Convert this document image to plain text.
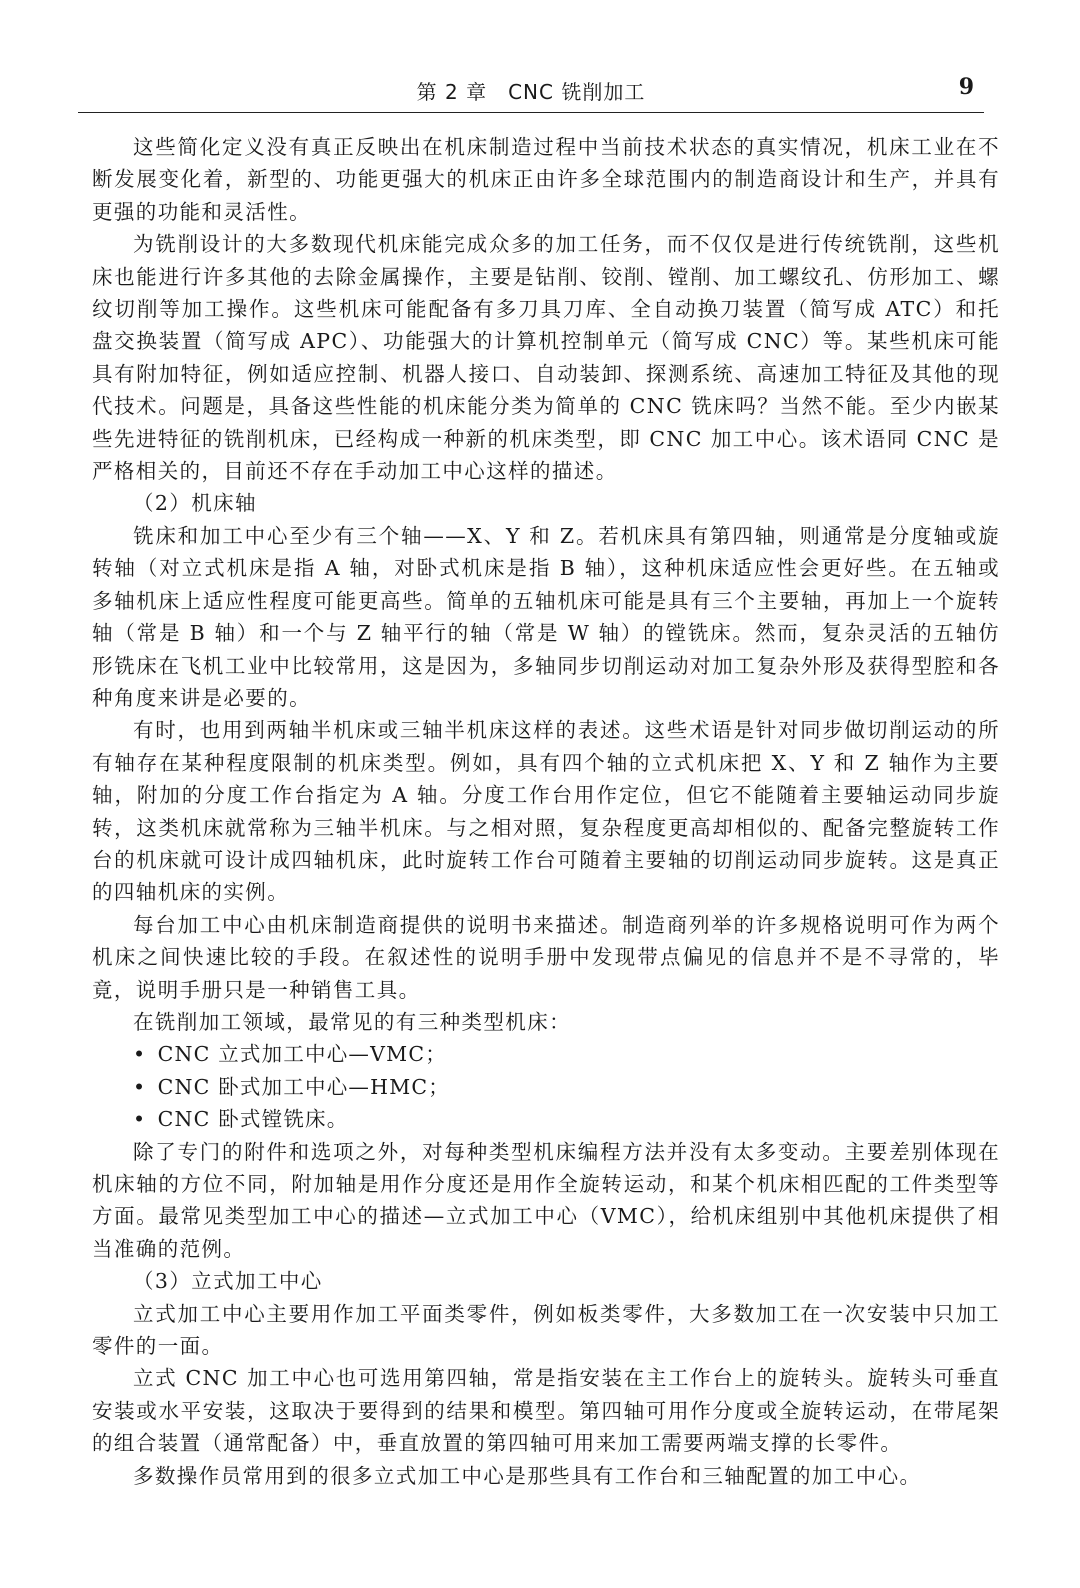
第 2 章　CNC 铣削加工	9

这些简化定义没有真正反映出在机床制造过程中当前技术状态的真实情况，机床工业在不断发展变化着，新型的、功能更强大的机床正由许多全球范围内的制造商设计和生产，并具有更强的功能和灵活性。

为铣削设计的大多数现代机床能完成众多的加工任务，而不仅仅是进行传统铣削，这些机床也能进行许多其他的去除金属操作，主要是钻削、铰削、镗削、加工螺纹孔、仿形加工、螺纹切削等加工操作。这些机床可能配备有多刀具刀库、全自动换刀装置（简写成 ATC）和托盘交换装置（简写成 APC）、功能强大的计算机控制单元（简写成 CNC）等。某些机床可能具有附加特征，例如适应控制、机器人接口、自动装卸、探测系统、高速加工特征及其他的现代技术。问题是，具备这些性能的机床能分类为简单的 CNC 铣床吗？当然不能。至少内嵌某些先进特征的铣削机床，已经构成一种新的机床类型，即 CNC 加工中心。该术语同 CNC 是严格相关的，目前还不存在手动加工中心这样的描述。

（2）机床轴

铣床和加工中心至少有三个轴——X、Y 和 Z。若机床具有第四轴，则通常是分度轴或旋转轴（对立式机床是指 A 轴，对卧式机床是指 B 轴），这种机床适应性会更好些。在五轴或多轴机床上适应性程度可能更高些。简单的五轴机床可能是具有三个主要轴，再加上一个旋转轴（常是 B 轴）和一个与 Z 轴平行的轴（常是 W 轴）的镗铣床。然而，复杂灵活的五轴仿形铣床在飞机工业中比较常用，这是因为，多轴同步切削运动对加工复杂外形及获得型腔和各种角度来讲是必要的。

有时，也用到两轴半机床或三轴半机床这样的表述。这些术语是针对同步做切削运动的所有轴存在某种程度限制的机床类型。例如，具有四个轴的立式机床把 X、Y 和 Z 轴作为主要轴，附加的分度工作台指定为 A 轴。分度工作台用作定位，但它不能随着主要轴运动同步旋转，这类机床就常称为三轴半机床。与之相对照，复杂程度更高却相似的、配备完整旋转工作台的机床就可设计成四轴机床，此时旋转工作台可随着主要轴的切削运动同步旋转。这是真正的四轴机床的实例。

每台加工中心由机床制造商提供的说明书来描述。制造商列举的许多规格说明可作为两个机床之间快速比较的手段。在叙述性的说明手册中发现带点偏见的信息并不是不寻常的，毕竟，说明手册只是一种销售工具。

在铣削加工领域，最常见的有三种类型机床：

• CNC 立式加工中心—VMC；

• CNC 卧式加工中心—HMC；

• CNC 卧式镗铣床。

除了专门的附件和选项之外，对每种类型机床编程方法并没有太多变动。主要差别体现在机床轴的方位不同，附加轴是用作分度还是用作全旋转运动，和某个机床相匹配的工件类型等方面。最常见类型加工中心的描述—立式加工中心（VMC），给机床组别中其他机床提供了相当准确的范例。

（3）立式加工中心

立式加工中心主要用作加工平面类零件，例如板类零件，大多数加工在一次安装中只加工零件的一面。

立式 CNC 加工中心也可选用第四轴，常是指安装在主工作台上的旋转头。旋转头可垂直安装或水平安装，这取决于要得到的结果和模型。第四轴可用作分度或全旋转运动，在带尾架的组合装置（通常配备）中，垂直放置的第四轴可用来加工需要两端支撑的长零件。

多数操作员常用到的很多立式加工中心是那些具有工作台和三轴配置的加工中心。
